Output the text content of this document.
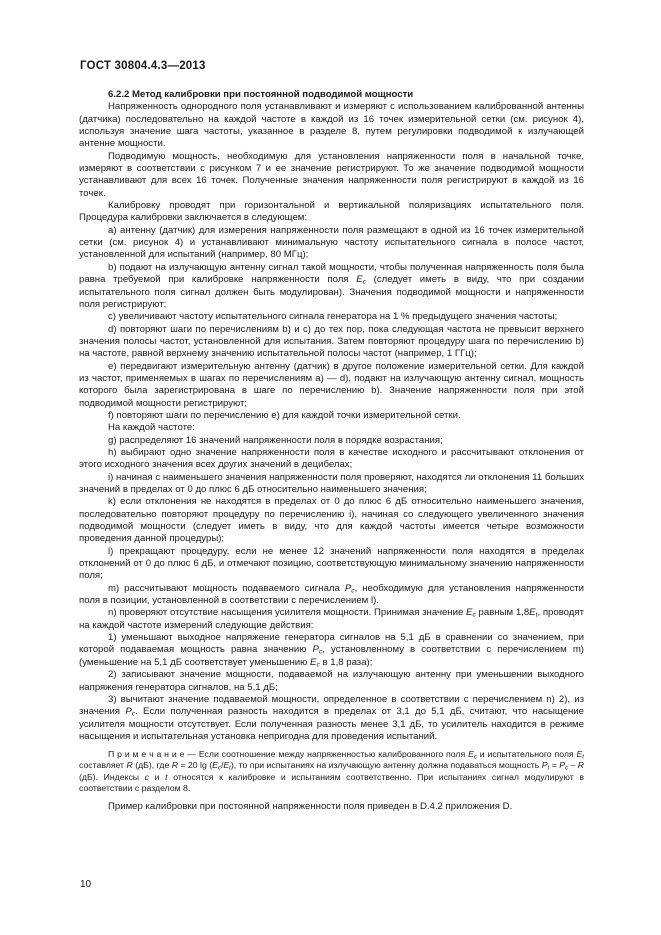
ГОСТ 30804.4.3—2013

6.2.2 Метод калибровки при постоянной подводимой мощности

Напряженность однородного поля устанавливают и измеряют с использованием калиброванной антенны (датчика) последовательно на каждой частоте в каждой из 16 точек измерительной сетки (см. рисунок 4), используя значение шага частоты, указанное в разделе 8, путем регулировки подводимой к излучающей антенне мощности.

Подводимую мощность, необходимую для установления напряженности поля в начальной точке, измеряют в соответствии с рисунком 7 и ее значение регистрируют. То же значение подводимой мощности устанавливают для всех 16 точек. Полученные значения напряженности поля регистрируют в каждой из 16 точек.

Калибровку проводят при горизонтальной и вертикальной поляризациях испытательного поля. Процедура калибровки заключается в следующем:

а) антенну (датчик) для измерения напряженности поля размещают в одной из 16 точек измерительной сетки (см. рисунок 4) и устанавливают минимальную частоту испытательного сигнала в полосе частот, установленной для испытаний (например, 80 МГц);

b) подают на излучающую антенну сигнал такой мощности, чтобы полученная напряженность поля была равна требуемой при калибровке напряженности поля $E_c$ (следует иметь в виду, что при создании испытательного поля сигнал должен быть модулирован). Значения подводимой мощности и напряженности поля регистрируют;

с) увеличивают частоту испытательного сигнала генератора на 1 % предыдущего значения частоты;

d) повторяют шаги по перечислениям b) и c) до тех пор, пока следующая частота не превысит верхнего значения полосы частот, установленной для испытания. Затем повторяют процедуру шага по перечислению b) на частоте, равной верхнему значению испытательной полосы частот (например, 1 ГГц);

е) передвигают измерительную антенну (датчик) в другое положение измерительной сетки. Для каждой из частот, применяемых в шагах по перечислениям а) — d), подают на излучающую антенну сигнал, мощность которого была зарегистрирована в шаге по перечислению b). Значение напряженности поля при этой подводимой мощности регистрируют;

f) повторяют шаги по перечислению е) для каждой точки измерительной сетки.

На каждой частоте:

g) распределяют 16 значений напряженности поля в порядке возрастания;

h) выбирают одно значение напряженности поля в качестве исходного и рассчитывают отклонения от этого исходного значения всех других значений в децибелах;

i) начиная с наименьшего значения напряженности поля проверяют, находятся ли отклонения 11 больших значений в пределах от 0 до плюс 6 дБ относительно наименьшего значения;

k) если отклонения не находятся в пределах от 0 до плюс 6 дБ относительно наименьшего значения, последовательно повторяют процедуру по перечислению i), начиная со следующего увеличенного значения подводимой мощности (следует иметь в виду, что для каждой частоты имеется четыре возможности проведения данной процедуры);

l) прекращают процедуру, если не менее 12 значений напряженности поля находятся в пределах отклонений от 0 до плюс 6 дБ, и отмечают позицию, соответствующую минимальному значению напряженности поля;

m) рассчитывают мощность подаваемого сигнала $P_c$, необходимую для установления напряженности поля в позиции, установленной в соответствии с перечислением l).

n) проверяют отсутствие насыщения усилителя мощности. Принимая значение $E_c$ равным $1,8E_t$, проводят на каждой частоте измерений следующие действия:

1) уменьшают выходное напряжение генератора сигналов на 5,1 дБ в сравнении со значением, при которой подаваемая мощность равна значению $P_c$, установленному в соответствии с перечислением m) (уменьшение на 5,1 дБ соответствует уменьшению $E_c$ в 1,8 раза);

2) записывают значение мощности, подаваемой на излучающую антенну при уменьшении выходного напряжения генератора сигналов, на 5,1 дБ;

3) вычитают значение подаваемой мощности, определенное в соответствии с перечислением n) 2), из значения $P_c$. Если полученная разность находится в пределах от 3,1 до 5,1 дБ, считают, что насыщение усилителя мощности отсутствует. Если полученная разность менее 3,1 дБ, то усилитель находится в режиме насыщения и испытательная установка непригодна для проведения испытаний.

П р и м е ч а н и е — Если соотношение между напряженностью калиброванного поля $E_c$ и испытательного поля $E_t$ составляет R (дБ), где R = 20 $\lg (E_c/E_t)$, то при испытаниях на излучающую антенну должна подаваться мощность $P_t = P_c - R$ (дБ). Индексы c и t относятся к калибровке и испытаниям соответственно. При испытаниях сигнал модулируют в соответствии с разделом 8.

Пример калибровки при постоянной напряженности поля приведен в D.4.2 приложения D.

10
